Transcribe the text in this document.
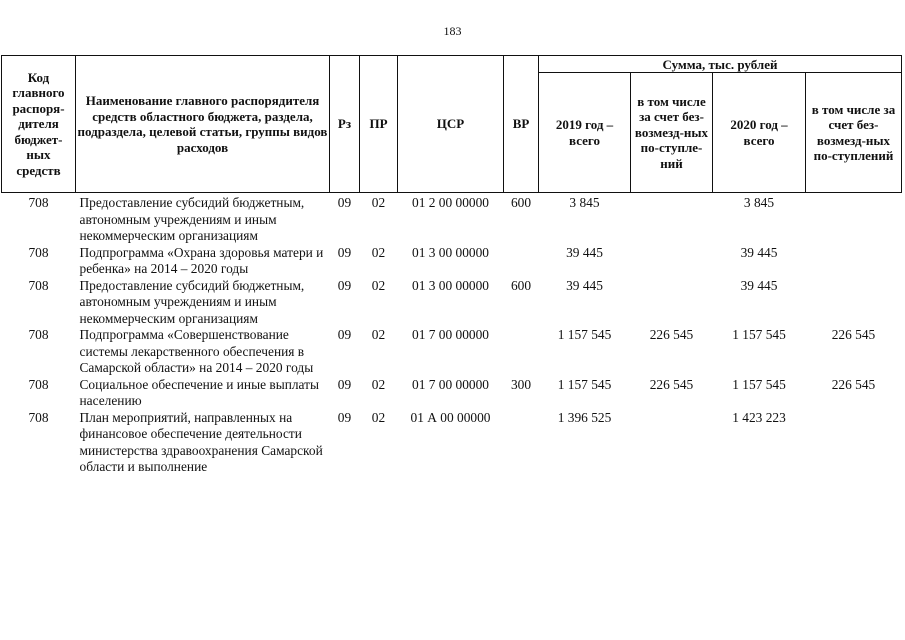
183
Код главного распоря-дителя бюджет-ных средств	Наименование главного распорядителя средств областного бюджета, раздела, подраздела, целевой статьи, группы видов расходов	Рз	ПР	ЦСР	ВР	Сумма, тыс. рублей			
						2019 год – всего	в том числе за счет без-возмезд-ных по-ступле-ний	2020 год – всего	в том числе за счет без-возмезд-ных по-ступлений
708	Предоставление субсидий бюджетным, автономным учреждениям и иным некоммерческим организациям	09	02	01 2 00 00000	600	3 845		3 845	
708	Подпрограмма «Охрана здоровья матери и ребенка» на 2014 – 2020 годы	09	02	01 3 00 00000		39 445		39 445	
708	Предоставление субсидий бюджетным, автономным учреждениям и иным некоммерческим организациям	09	02	01 3 00 00000	600	39 445		39 445	
708	Подпрограмма «Совершенствование системы лекарственного обеспечения в Самарской области» на 2014 – 2020 годы	09	02	01 7 00 00000		1 157 545	226 545	1 157 545	226 545
708	Социальное обеспечение и иные выплаты населению	09	02	01 7 00 00000	300	1 157 545	226 545	1 157 545	226 545
708	План мероприятий, направленных на финансовое обеспечение деятельности министерства здравоохранения Самарской области и выполнение	09	02	01 А 00 00000		1 396 525		1 423 223	
